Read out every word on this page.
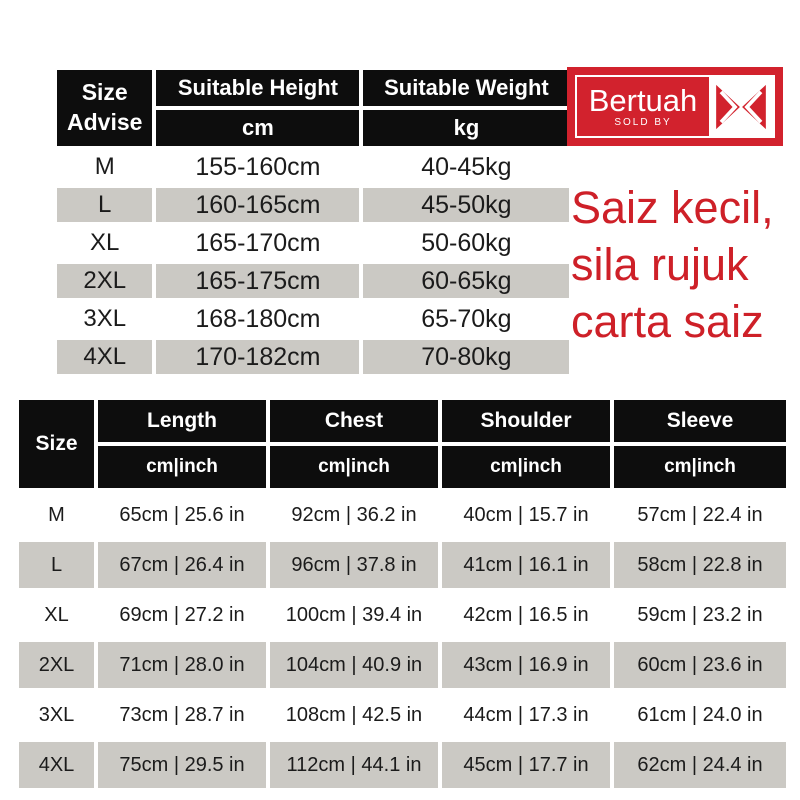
Size Advise	Suitable Height	Suitable Weight
	cm	kg
M	155-160cm	40-45kg
L	160-165cm	45-50kg
XL	165-170cm	50-60kg
2XL	165-175cm	60-65kg
3XL	168-180cm	65-70kg
4XL	170-182cm	70-80kg
Bertuah
SOLD BY
Saiz kecil,
sila rujuk
carta saiz
Size	Length	Chest	Shoulder	Sleeve
	cm|inch	cm|inch	cm|inch	cm|inch
M	65cm | 25.6 in	92cm | 36.2 in	40cm | 15.7 in	57cm | 22.4 in
L	67cm | 26.4 in	96cm | 37.8 in	41cm | 16.1 in	58cm | 22.8 in
XL	69cm | 27.2 in	100cm | 39.4 in	42cm | 16.5 in	59cm | 23.2 in
2XL	71cm | 28.0 in	104cm | 40.9 in	43cm | 16.9 in	60cm | 23.6 in
3XL	73cm | 28.7 in	108cm | 42.5 in	44cm | 17.3 in	61cm | 24.0 in
4XL	75cm | 29.5 in	112cm | 44.1 in	45cm | 17.7 in	62cm | 24.4 in
